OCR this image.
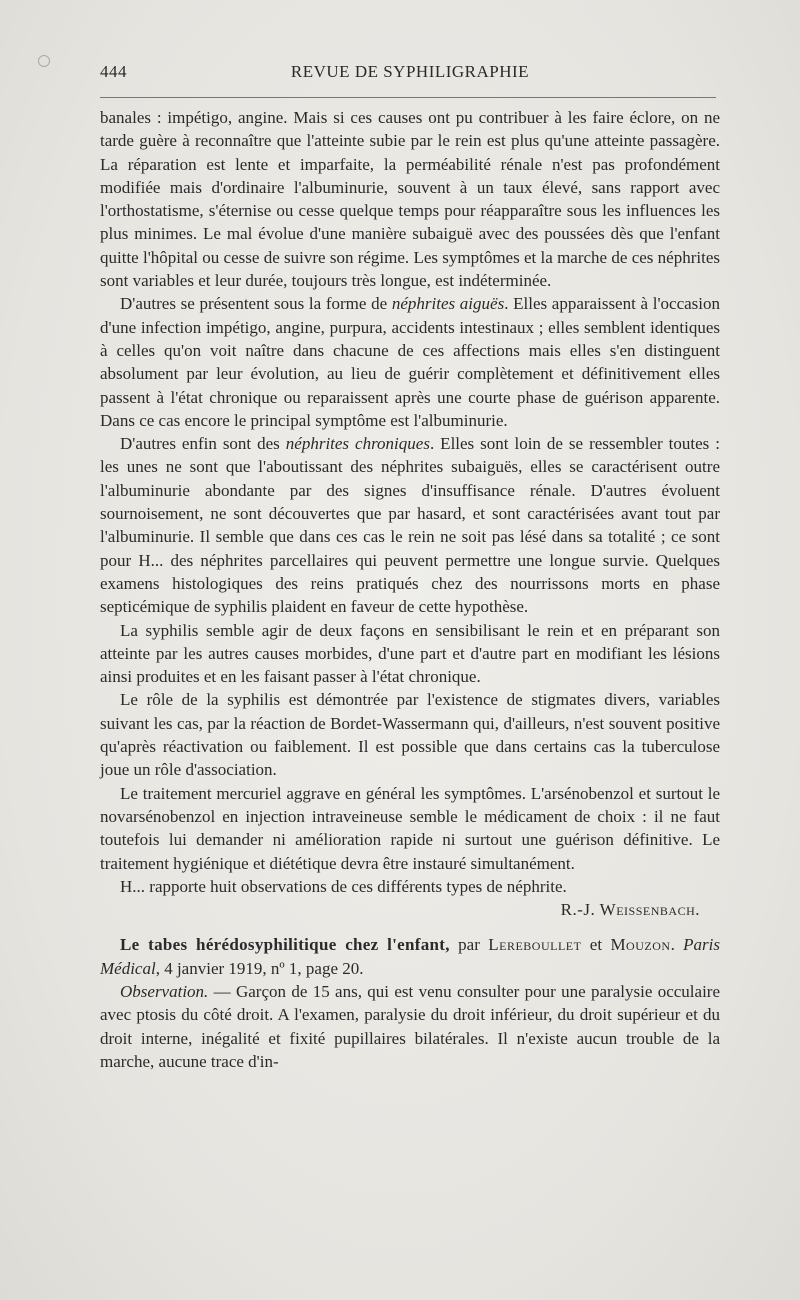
444	REVUE DE SYPHILIGRAPHIE

banales : impétigo, angine. Mais si ces causes ont pu contribuer à les faire éclore, on ne tarde guère à reconnaître que l'atteinte subie par le rein est plus qu'une atteinte passagère. La réparation est lente et imparfaite, la perméabilité rénale n'est pas profondément modifiée mais d'ordinaire l'albuminurie, souvent à un taux élevé, sans rapport avec l'orthostatisme, s'éternise ou cesse quelque temps pour réapparaître sous les influences les plus minimes. Le mal évolue d'une manière subaiguë avec des poussées dès que l'enfant quitte l'hôpital ou cesse de suivre son régime. Les symptômes et la marche de ces néphrites sont variables et leur durée, toujours très longue, est indéterminée.

D'autres se présentent sous la forme de néphrites aiguës. Elles apparaissent à l'occasion d'une infection impétigo, angine, purpura, accidents intestinaux ; elles semblent identiques à celles qu'on voit naître dans chacune de ces affections mais elles s'en distinguent absolument par leur évolution, au lieu de guérir complètement et définitivement elles passent à l'état chronique ou reparaissent après une courte phase de guérison apparente. Dans ce cas encore le principal symptôme est l'albuminurie.

D'autres enfin sont des néphrites chroniques. Elles sont loin de se ressembler toutes : les unes ne sont que l'aboutissant des néphrites subaiguës, elles se caractérisent outre l'albuminurie abondante par des signes d'insuffisance rénale. D'autres évoluent sournoisement, ne sont découvertes que par hasard, et sont caractérisées avant tout par l'albuminurie. Il semble que dans ces cas le rein ne soit pas lésé dans sa totalité ; ce sont pour H... des néphrites parcellaires qui peuvent permettre une longue survie. Quelques examens histologiques des reins pratiqués chez des nourrissons morts en phase septicémique de syphilis plaident en faveur de cette hypothèse.

La syphilis semble agir de deux façons en sensibilisant le rein et en préparant son atteinte par les autres causes morbides, d'une part et d'autre part en modifiant les lésions ainsi produites et en les faisant passer à l'état chronique.

Le rôle de la syphilis est démontrée par l'existence de stigmates divers, variables suivant les cas, par la réaction de Bordet-Wassermann qui, d'ailleurs, n'est souvent positive qu'après réactivation ou faiblement. Il est possible que dans certains cas la tuberculose joue un rôle d'association.

Le traitement mercuriel aggrave en général les symptômes. L'arsénobenzol et surtout le novarsénobenzol en injection intraveineuse semble le médicament de choix : il ne faut toutefois lui demander ni amélioration rapide ni surtout une guérison définitive. Le traitement hygiénique et diététique devra être instauré simultanément.

H... rapporte huit observations de ces différents types de néphrite.

R.-J. Weissenbach.

Le tabes hérédosyphilitique chez l'enfant, par Lereboullet et Mouzon. Paris Médical, 4 janvier 1919, nº 1, page 20.

Observation. — Garçon de 15 ans, qui est venu consulter pour une paralysie occulaire avec ptosis du côté droit. A l'examen, paralysie du droit inférieur, du droit supérieur et du droit interne, inégalité et fixité pupillaires bilatérales. Il n'existe aucun trouble de la marche, aucune trace d'in-
